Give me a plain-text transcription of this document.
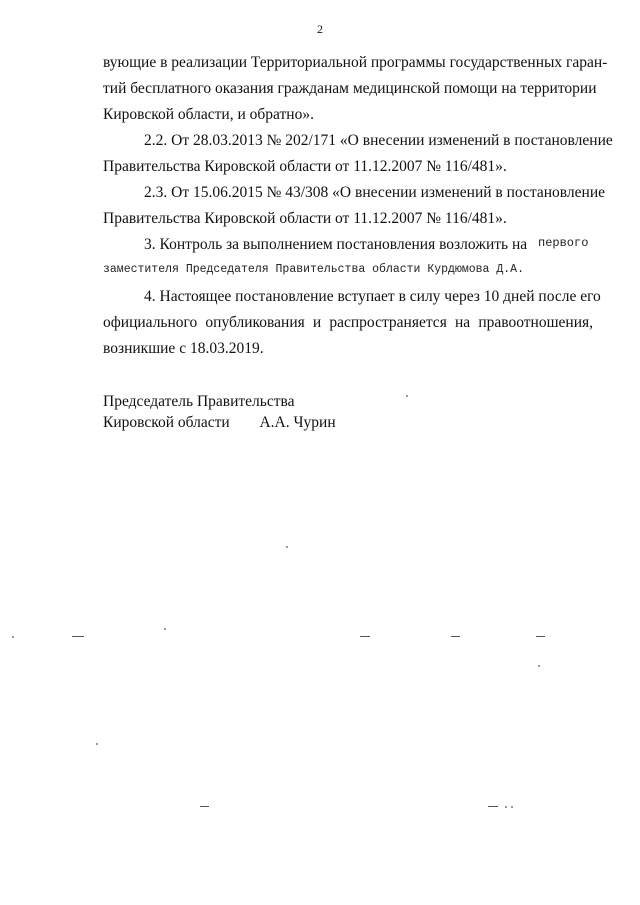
2
вующие в реализации Территориальной программы государственных гаран-
тий бесплатного оказания гражданам медицинской помощи на территории
Кировской области, и обратно».
2.2. От 28.03.2013 № 202/171 «О внесении изменений в постановление
Правительства Кировской области от 11.12.2007 № 116/481».
2.3. От 15.06.2015 № 43/308 «О внесении изменений в постановление
Правительства Кировской области от 11.12.2007 № 116/481».
3. Контроль за выполнением постановления возложить на первого
заместителя Председателя Правительства области Курдюмова Д.А.
4. Настоящее постановление вступает в силу через 10 дней после его
официального опубликования и распространяется на правоотношения,
возникшие с 18.03.2019.
Председатель Правительства
Кировской области А.А. Чурин
